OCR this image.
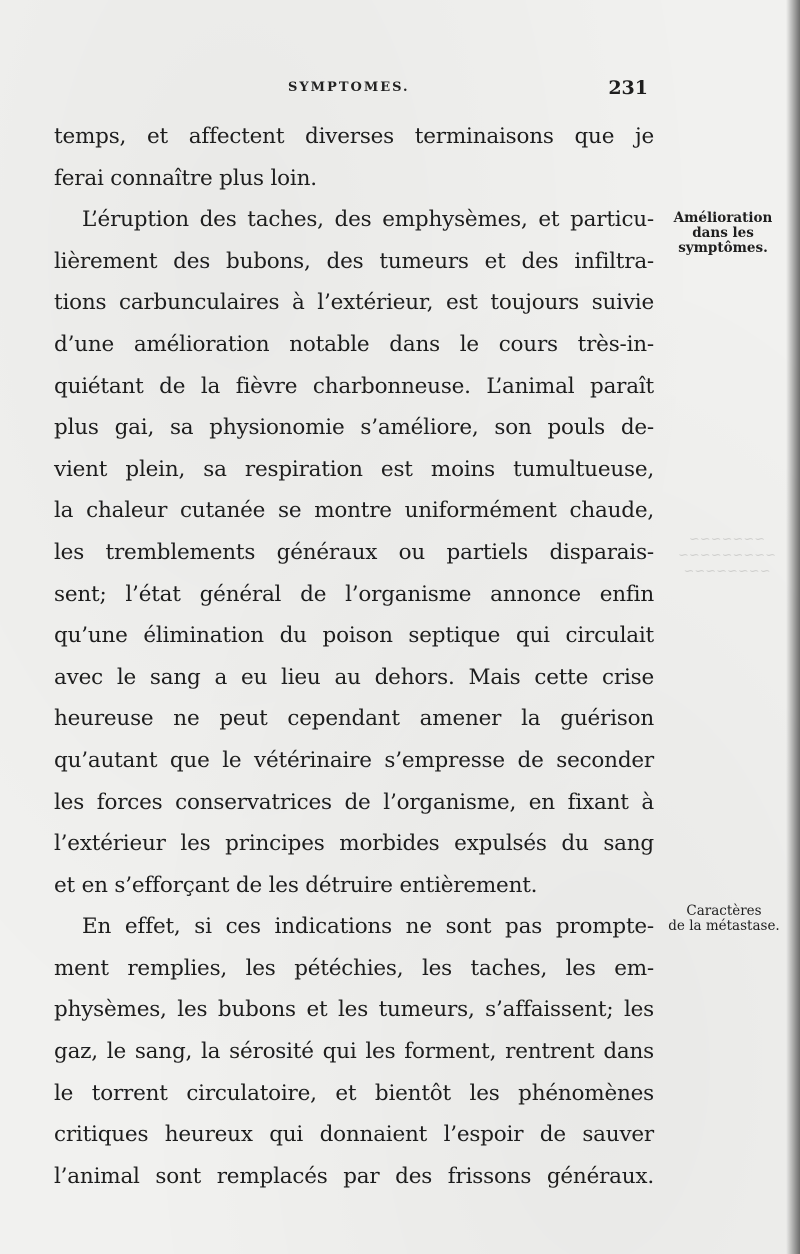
SYMPTOMES.	231
temps, et affectent diverses terminaisons que je
ferai connaître plus loin.
L’éruption des taches, des emphysèmes, et particu-
lièrement des bubons, des tumeurs et des infiltra-
tions carbunculaires à l’extérieur, est toujours suivie
d’une amélioration notable dans le cours très-in-
quiétant de la fièvre charbonneuse. L’animal paraît
plus gai, sa physionomie s’améliore, son pouls de-
vient plein, sa respiration est moins tumultueuse,
la chaleur cutanée se montre uniformément chaude,
les tremblements généraux ou partiels disparais-
sent; l’état général de l’organisme annonce enfin
qu’une élimination du poison septique qui circulait
avec le sang a eu lieu au dehors. Mais cette crise
heureuse ne peut cependant amener la guérison
qu’autant que le vétérinaire s’empresse de seconder
les forces conservatrices de l’organisme, en fixant à
l’extérieur les principes morbides expulsés du sang
et en s’efforçant de les détruire entièrement.
En effet, si ces indications ne sont pas prompte-
ment remplies, les pétéchies, les taches, les em-
physèmes, les bubons et les tumeurs, s’affaissent; les
gaz, le sang, la sérosité qui les forment, rentrent dans
le torrent circulatoire, et bientôt les phénomènes
critiques heureux qui donnaient l’espoir de sauver
l’animal sont remplacés par des frissons généraux.
Amélioration
dans les
symptômes.
Caractères
de la métastase.
~~~~~~~
~~~~~~~~~
~~~~~~~~
